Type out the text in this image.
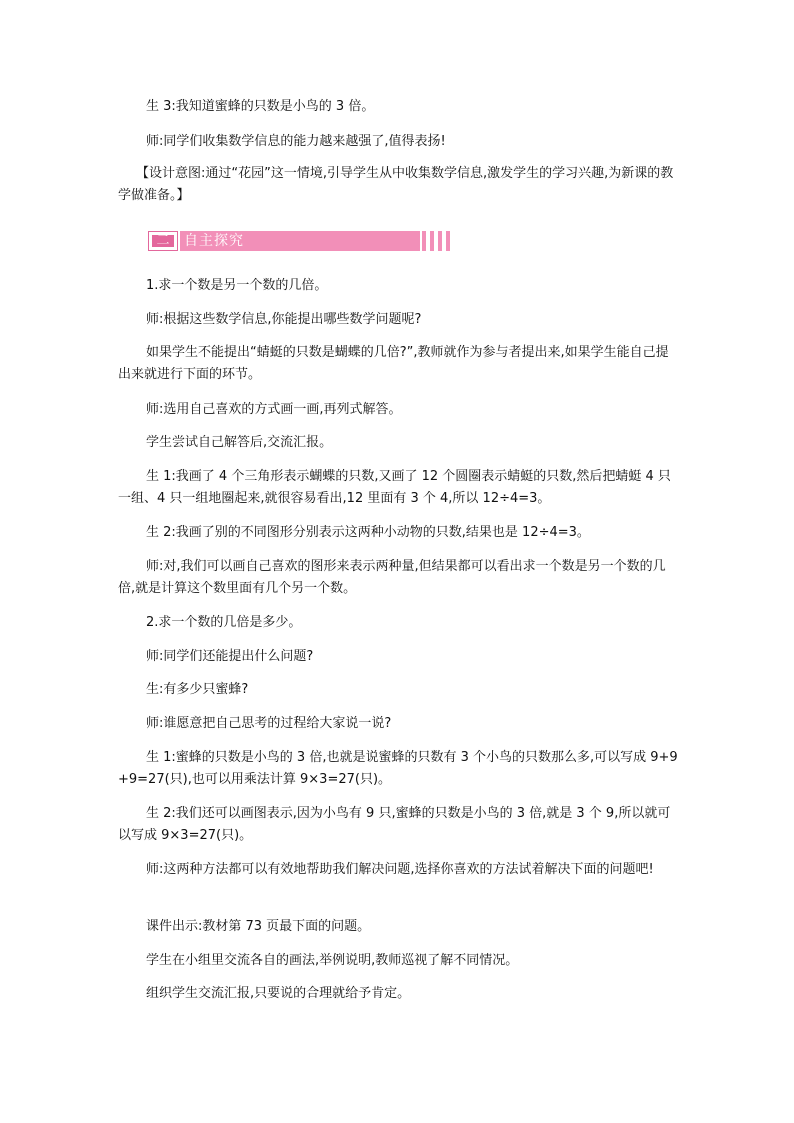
生 3:我知道蜜蜂的只数是小鸟的 3 倍。

师:同学们收集数学信息的能力越来越强了,值得表扬!

【设计意图:通过“花园”这一情境,引导学生从中收集数学信息,激发学生的学习兴趣,为新课的教学做准备。】

二	自主探究

1.求一个数是另一个数的几倍。

师:根据这些数学信息,你能提出哪些数学问题呢?

如果学生不能提出“蜻蜓的只数是蝴蝶的几倍?”,教师就作为参与者提出来,如果学生能自己提出来就进行下面的环节。

师:选用自己喜欢的方式画一画,再列式解答。

学生尝试自己解答后,交流汇报。

生 1:我画了 4 个三角形表示蝴蝶的只数,又画了 12 个圆圈表示蜻蜓的只数,然后把蜻蜓 4 只一组、4 只一组地圈起来,就很容易看出,12 里面有 3 个 4,所以 12÷4=3。

生 2:我画了别的不同图形分别表示这两种小动物的只数,结果也是 12÷4=3。

师:对,我们可以画自己喜欢的图形来表示两种量,但结果都可以看出求一个数是另一个数的几倍,就是计算这个数里面有几个另一个数。

2.求一个数的几倍是多少。

师:同学们还能提出什么问题?

生:有多少只蜜蜂?

师:谁愿意把自己思考的过程给大家说一说?

生 1:蜜蜂的只数是小鸟的 3 倍,也就是说蜜蜂的只数有 3 个小鸟的只数那么多,可以写成 9+9+9=27(只),也可以用乘法计算 9×3=27(只)。

生 2:我们还可以画图表示,因为小鸟有 9 只,蜜蜂的只数是小鸟的 3 倍,就是 3 个 9,所以就可以写成 9×3=27(只)。

师:这两种方法都可以有效地帮助我们解决问题,选择你喜欢的方法试着解决下面的问题吧!

课件出示:教材第 73 页最下面的问题。

学生在小组里交流各自的画法,举例说明,教师巡视了解不同情况。

组织学生交流汇报,只要说的合理就给予肯定。
